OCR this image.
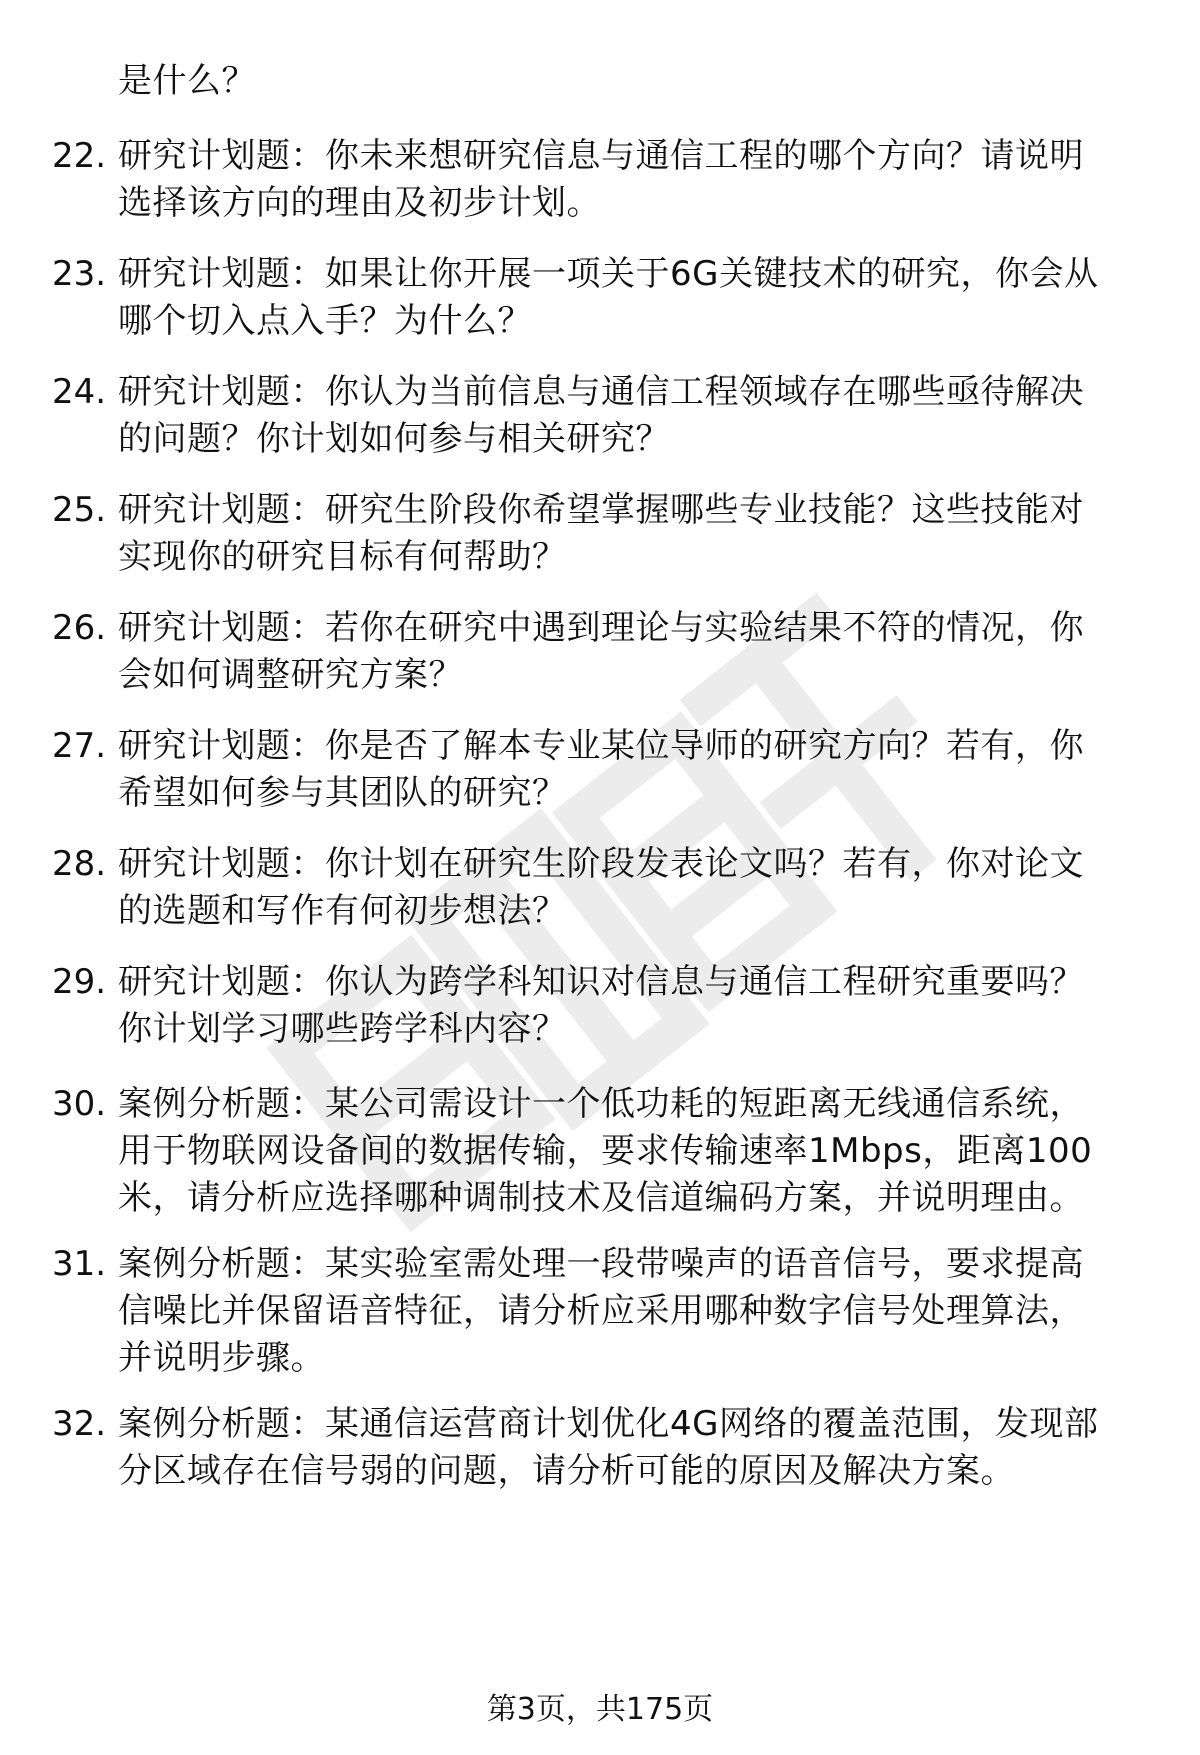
是什么？
22. 研究计划题：你未来想研究信息与通信工程的哪个方向？请说明
选择该方向的理由及初步计划。
23. 研究计划题：如果让你开展一项关于6G关键技术的研究，你会从
哪个切入点入手？为什么？
24. 研究计划题：你认为当前信息与通信工程领域存在哪些亟待解决
的问题？你计划如何参与相关研究？
25. 研究计划题：研究生阶段你希望掌握哪些专业技能？这些技能对
实现你的研究目标有何帮助？
26. 研究计划题：若你在研究中遇到理论与实验结果不符的情况，你
会如何调整研究方案？
27. 研究计划题：你是否了解本专业某位导师的研究方向？若有，你
希望如何参与其团队的研究？
28. 研究计划题：你计划在研究生阶段发表论文吗？若有，你对论文
的选题和写作有何初步想法？
29. 研究计划题：你认为跨学科知识对信息与通信工程研究重要吗？
你计划学习哪些跨学科内容？
30. 案例分析题：某公司需设计一个低功耗的短距离无线通信系统，
用于物联网设备间的数据传输，要求传输速率1Mbps，距离100
米，请分析应选择哪种调制技术及信道编码方案，并说明理由。
31. 案例分析题：某实验室需处理一段带噪声的语音信号，要求提高
信噪比并保留语音特征，请分析应采用哪种数字信号处理算法，
并说明步骤。
32. 案例分析题：某通信运营商计划优化4G网络的覆盖范围，发现部
分区域存在信号弱的问题，请分析可能的原因及解决方案。
第3页，共175页
